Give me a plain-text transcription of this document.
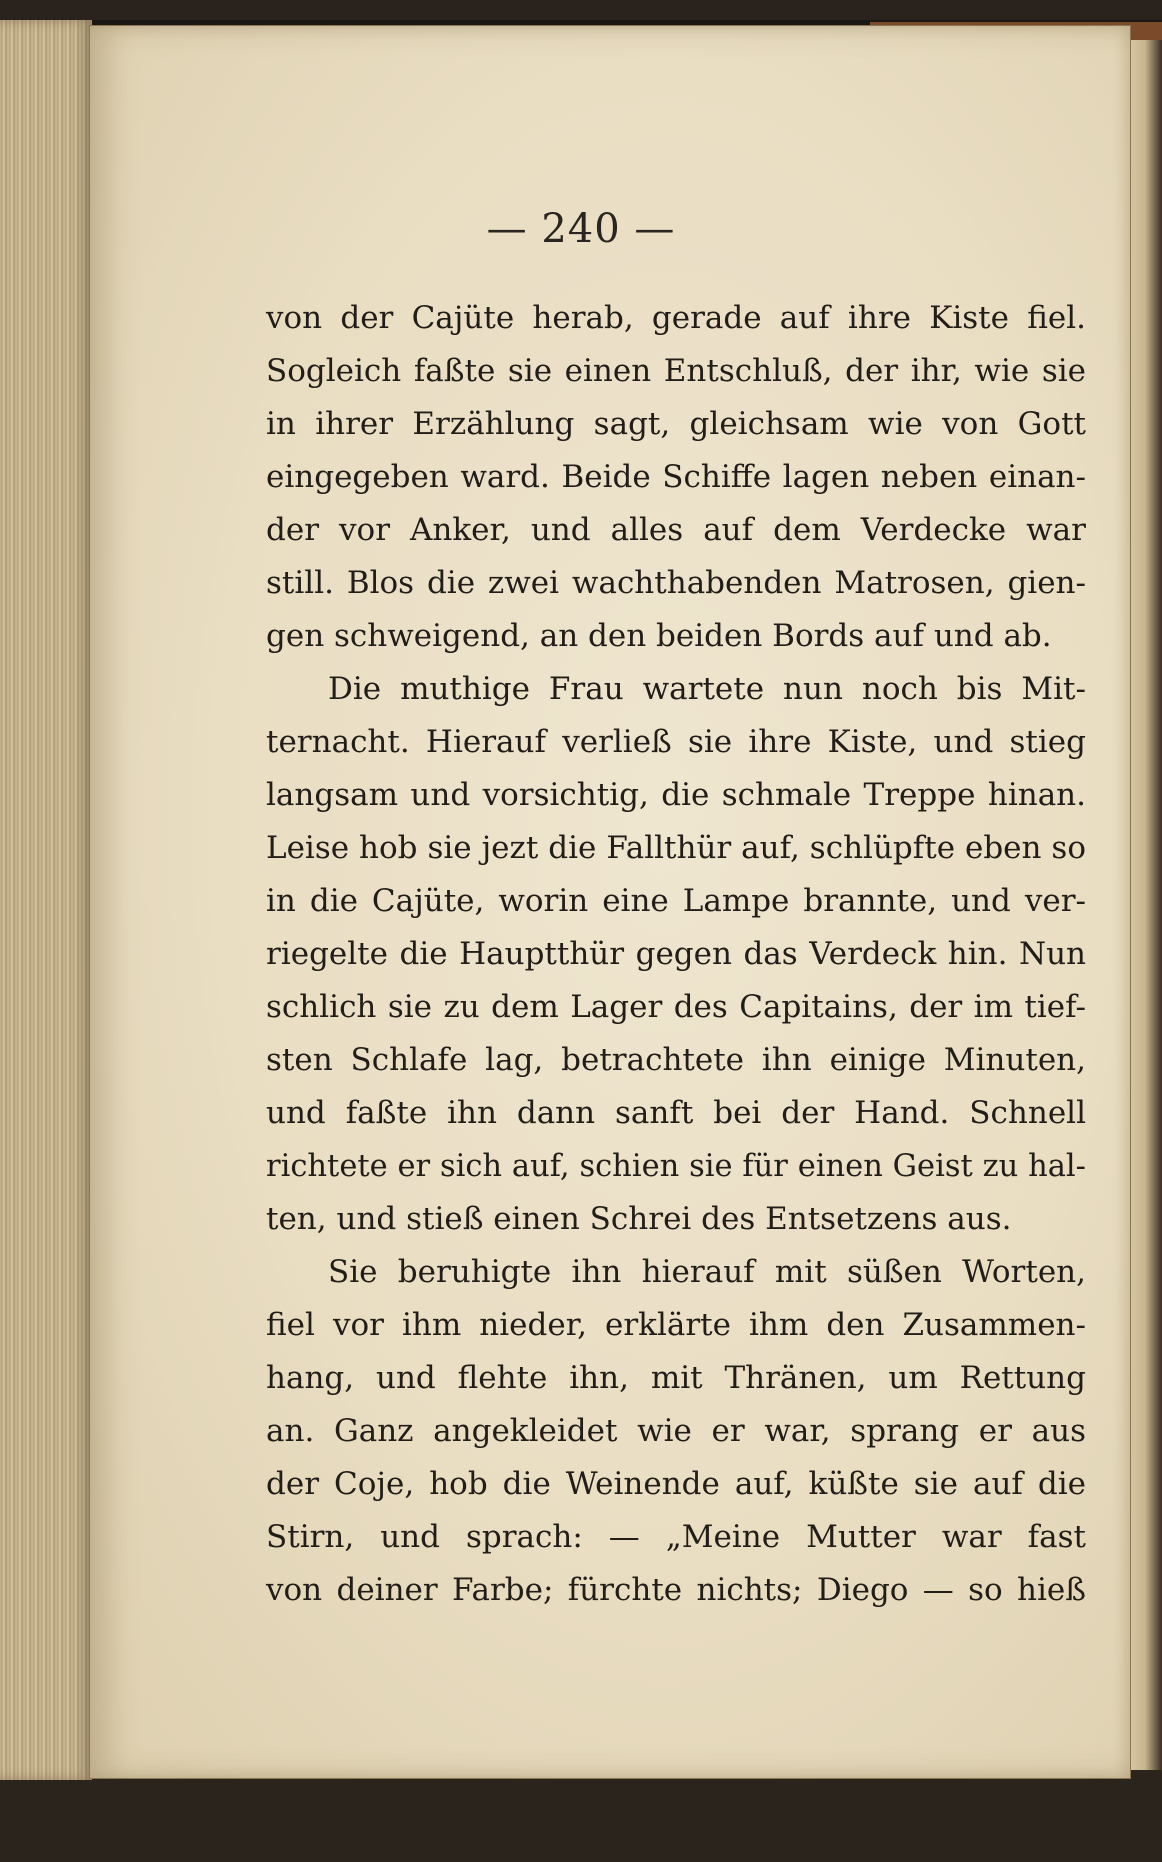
— 240 —
von der Cajüte herab, gerade auf ihre Kiste fiel.
Sogleich faßte sie einen Entschluß, der ihr, wie sie
in ihrer Erzählung sagt, gleichsam wie von Gott
eingegeben ward. Beide Schiffe lagen neben einan-
der vor Anker, und alles auf dem Verdecke war
still. Blos die zwei wachthabenden Matrosen, gien-
gen schweigend, an den beiden Bords auf und ab.
Die muthige Frau wartete nun noch bis Mit-
ternacht. Hierauf verließ sie ihre Kiste, und stieg
langsam und vorsichtig, die schmale Treppe hinan.
Leise hob sie jezt die Fallthür auf, schlüpfte eben so
in die Cajüte, worin eine Lampe brannte, und ver-
riegelte die Hauptthür gegen das Verdeck hin. Nun
schlich sie zu dem Lager des Capitains, der im tief-
sten Schlafe lag, betrachtete ihn einige Minuten,
und faßte ihn dann sanft bei der Hand. Schnell
richtete er sich auf, schien sie für einen Geist zu hal-
ten, und stieß einen Schrei des Entsetzens aus.
Sie beruhigte ihn hierauf mit süßen Worten,
fiel vor ihm nieder, erklärte ihm den Zusammen-
hang, und flehte ihn, mit Thränen, um Rettung
an. Ganz angekleidet wie er war, sprang er aus
der Coje, hob die Weinende auf, küßte sie auf die
Stirn, und sprach: — „Meine Mutter war fast
von deiner Farbe; fürchte nichts; Diego — so hieß
